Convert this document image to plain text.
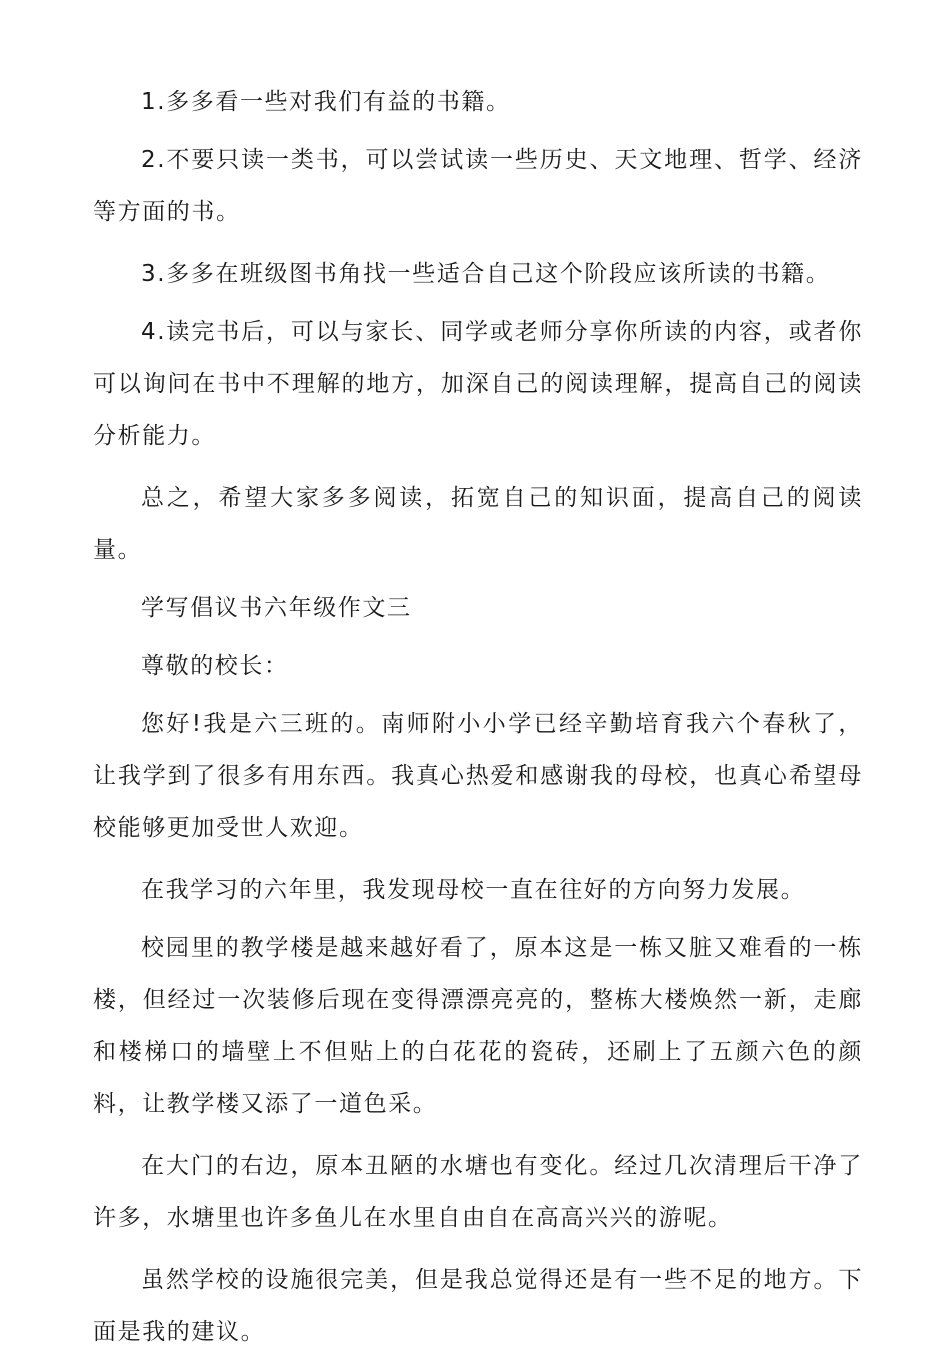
1.多多看一些对我们有益的书籍。

2.不要只读一类书，可以尝试读一些历史、天文地理、哲学、经济等方面的书。

3.多多在班级图书角找一些适合自己这个阶段应该所读的书籍。

4.读完书后，可以与家长、同学或老师分享你所读的内容，或者你可以询问在书中不理解的地方，加深自己的阅读理解，提高自己的阅读分析能力。

总之，希望大家多多阅读，拓宽自己的知识面，提高自己的阅读量。

学写倡议书六年级作文三

尊敬的校长：

您好!我是六三班的。南师附小小学已经辛勤培育我六个春秋了，让我学到了很多有用东西。我真心热爱和感谢我的母校，也真心希望母校能够更加受世人欢迎。

在我学习的六年里，我发现母校一直在往好的方向努力发展。

校园里的教学楼是越来越好看了，原本这是一栋又脏又难看的一栋楼，但经过一次装修后现在变得漂漂亮亮的，整栋大楼焕然一新，走廊和楼梯口的墙壁上不但贴上的白花花的瓷砖，还刷上了五颜六色的颜料，让教学楼又添了一道色采。

在大门的右边，原本丑陋的水塘也有变化。经过几次清理后干净了许多，水塘里也许多鱼儿在水里自由自在高高兴兴的游呢。

虽然学校的设施很完美，但是我总觉得还是有一些不足的地方。下面是我的建议。
